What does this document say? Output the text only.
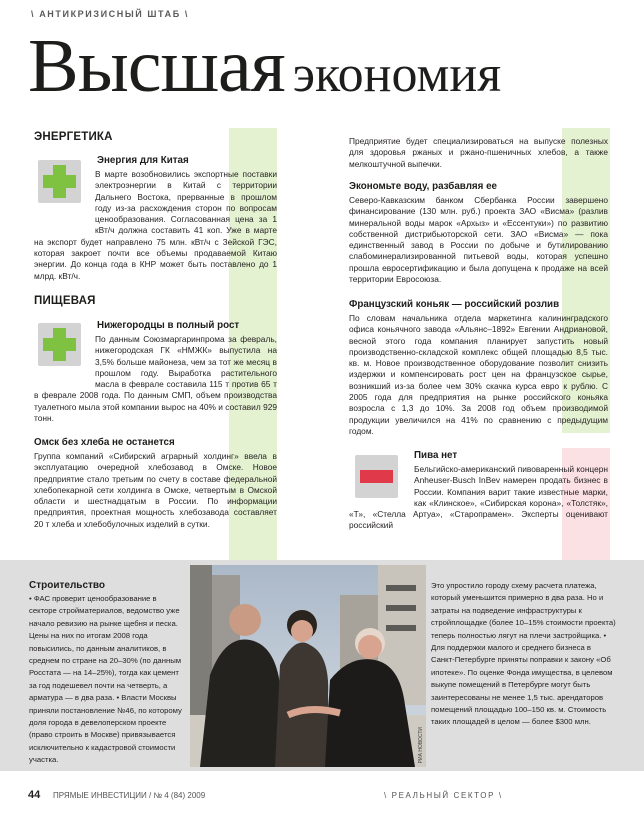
\ АНТИКРИЗИСНЫЙ ШТАБ \
Высшая экономия
ЭНЕРГЕТИКА
Энергия для Китая
В марте возобновились экспортные поставки электроэнергии в Китай с территории Дальнего Востока, прерванные в прошлом году из-за расхождения сторон по вопросам ценообразования. Согласованная цена за 1 кВт/ч должна составить 41 коп. Уже в марте на экспорт будет направлено 75 млн. кВт/ч с Зейской ГЭС, которая закроет почти все объемы продаваемой Китаю энергии. До конца года в КНР может быть поставлено до 1 млрд. кВт/ч.
ПИЩЕВАЯ
Нижегородцы в полный рост
По данным Союзмаргаринпрома за февраль, нижегородская ГК «НМЖК» выпустила на 3,5% больше майонеза, чем за тот же месяц в прошлом году. Выработка растительного масла в феврале составила 115 т против 65 т в феврале 2008 года. По данным СМП, объем производства туалетного мыла этой компании вырос на 40% и составил 929 тонн.
Омск без хлеба не останется
Группа компаний «Сибирский аграрный холдинг» ввела в эксплуатацию очередной хлебозавод в Омске. Новое предприятие стало третьим по счету в составе федеральной хлебопекарной сети холдинга в Омске, четвертым в Омской области и шестнадцатым в России. По информации предприятия, проектная мощность хлебозавода составляет 20 т хлеба и хлебобулочных изделий в сутки.
Предприятие будет специализироваться на выпуске полезных для здоровья ржаных и ржано-пшеничных хлебов, а также мелкоштучной выпечки.
Экономьте воду, разбавляя ее
Северо-Кавказским банком Сбербанка России завершено финансирование (130 млн. руб.) проекта ЗАО «Висма» (разлив минеральной воды марок «Архыз» и «Ессентуки») по развитию собственной дистрибьюторской сети. ЗАО «Висма» — пока единственный завод в России по добыче и бутилированию слабоминерализированной питьевой воды, которая успешно прошла евросертификацию и была допущена к продаже на всей территории Евросоюза.
Французский коньяк — российский розлив
По словам начальника отдела маркетинга калининградского офиса коньячного завода «Альянс–1892» Евгении Андриановой, весной этого года компания планирует запустить новый производственно-складской комплекс общей площадью 8,5 тыс. кв. м. Новое производственное оборудование позволит снизить издержки и компенсировать рост цен на французское сырье, возникший из-за более чем 30% скачка курса евро к рублю. С 2005 года для предприятия на рынке российского коньяка возросла с 1,3 до 10%. За 2008 год объем производимой продукции увеличился на 41% по сравнению с предыдущим годом.
Пива нет
Бельгийско-американский пивоваренный концерн Anheuser-Busch InBev намерен продать бизнес в России. Компания варит такие известные марки, как «Клинское», «Сибирская корона», «Толстяк», «Т», «Стелла Артуа», «Старопрамен». Эксперты оценивают российский
Строительство
• ФАС проверит ценообразование в секторе стройматериалов, ведомство уже начало ревизию на рынке щебня и песка. Цены на них по итогам 2008 года повысились, по данным аналитиков, в среднем по стране на 20–30% (по данным Росстата — на 14–25%), тогда как цемент за год подешевел почти на четверть, а арматура — в два раза. • Власти Москвы приняли постановление №46, по которому доля города в девелоперском проекте (право строить в Москве) привязывается исключительно к кадастровой стоимости участка.	РИА НОВОСТИ
Это упростило городу схему расчета платежа, который уменьшится примерно в два раза. Но и затраты на подведение инфраструктуры к стройплощадке (более 10–15% стоимости проекта) теперь полностью лягут на плечи застройщика. • Для поддержки малого и среднего бизнеса в Санкт-Петербурге приняты поправки к закону «Об ипотеке». По оценке Фонда имущества, в целевом выкупе помещений в Петербурге могут быть заинтересованы не менее 1,5 тыс. арендаторов помещений площадью 100–150 кв. м. Стоимость таких площадей в целом — более $300 млн.
44 ПРЯМЫЕ ИНВЕСТИЦИИ / № 4 (84) 2009	\ РЕАЛЬНЫЙ СЕКТОР \
